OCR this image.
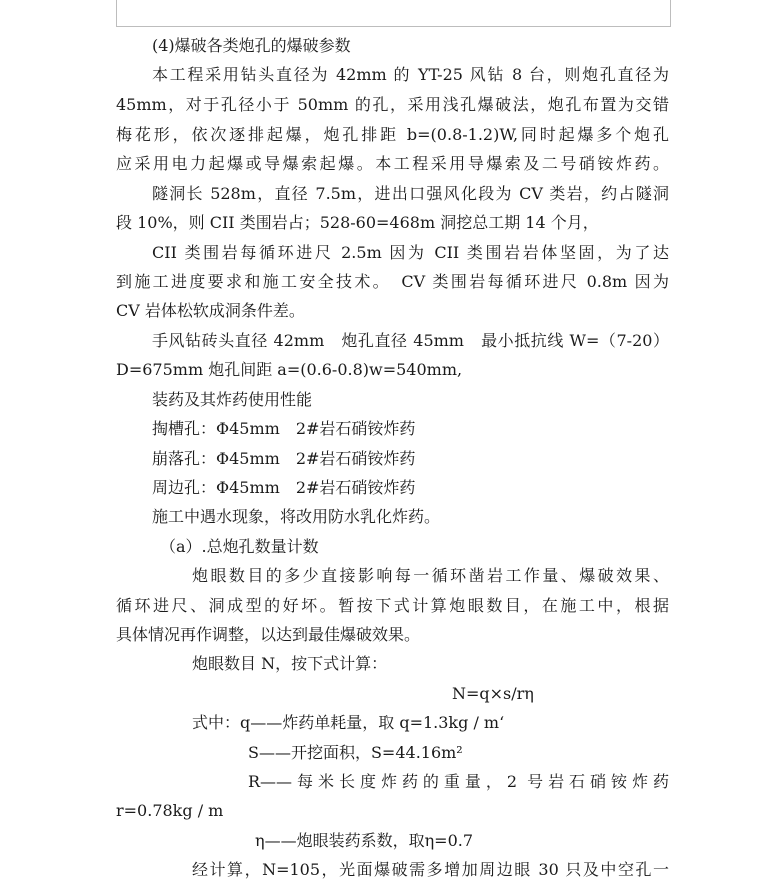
(4)爆破各类炮孔的爆破参数

本工程采用钻头直径为 42mm 的 YT-25 风钻 8 台，则炮孔直径为

45mm，对于孔径小于 50mm 的孔，采用浅孔爆破法，炮孔布置为交错

梅花形，依次逐排起爆，炮孔排距 b=(0.8-1.2)W,同时起爆多个炮孔

应采用电力起爆或导爆索起爆。本工程采用导爆索及二号硝铵炸药。

隧洞长 528m，直径 7.5m，进出口强风化段为 CV 类岩，约占隧洞

段 10%，则 CII 类围岩占；528-60=468m 洞挖总工期 14 个月，

CII 类围岩每循环进尺 2.5m 因为 CII 类围岩岩体坚固，为了达

到施工进度要求和施工安全技术。　CV 类围岩每循环进尺 0.8m 因为

CV 岩体松软成洞条件差。

手风钻砖头直径 42mm　炮孔直径 45mm　最小抵抗线 W=（7-20）

D=675mm 炮孔间距 a=(0.6-0.8)w=540mm,

装药及其炸药使用性能

掏槽孔：Φ45mm　2#岩石硝铵炸药

崩落孔：Φ45mm　2#岩石硝铵炸药

周边孔：Φ45mm　2#岩石硝铵炸药

施工中遇水现象，将改用防水乳化炸药。

（a）.总炮孔数量计数

炮眼数目的多少直接影响每一循环凿岩工作量、爆破效果、

循环进尺、洞成型的好坏。暂按下式计算炮眼数目，在施工中，根据

具体情况再作调整，以达到最佳爆破效果。

炮眼数目 N，按下式计算：

N=q×s/rη

式中：q——炸药单耗量，取 q=1.3kg / m‘

S——开挖面积，S=44.16m²

R——每米长度炸药的重量，2 号岩石硝铵炸药

r=0.78kg / m

η——炮眼装药系数，取η=0.7

经计算，N=105，光面爆破需多增加周边眼 30 只及中空孔一
